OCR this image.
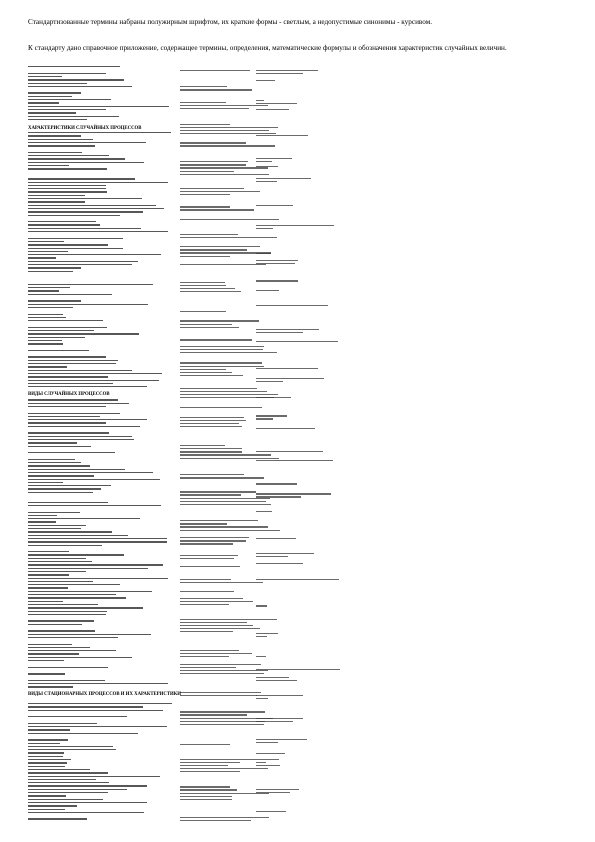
Стандартизованные термины набраны полужирным шрифтом, их краткие формы - светлым, а недопустимые синонимы - курсивом.
К стандарту дано справочное приложение, содержащее термины, определения, математические формулы и обозначения характеристик случайных величин.
ХАРАКТЕРИСТИКИ СЛУЧАЙНЫХ ПРОЦЕССОВ
ВИДЫ СЛУЧАЙНЫХ ПРОЦЕССОВ
ВИДЫ СТАЦИОНАРНЫХ ПРОЦЕССОВ И ИХ ХАРАКТЕРИСТИКИ
